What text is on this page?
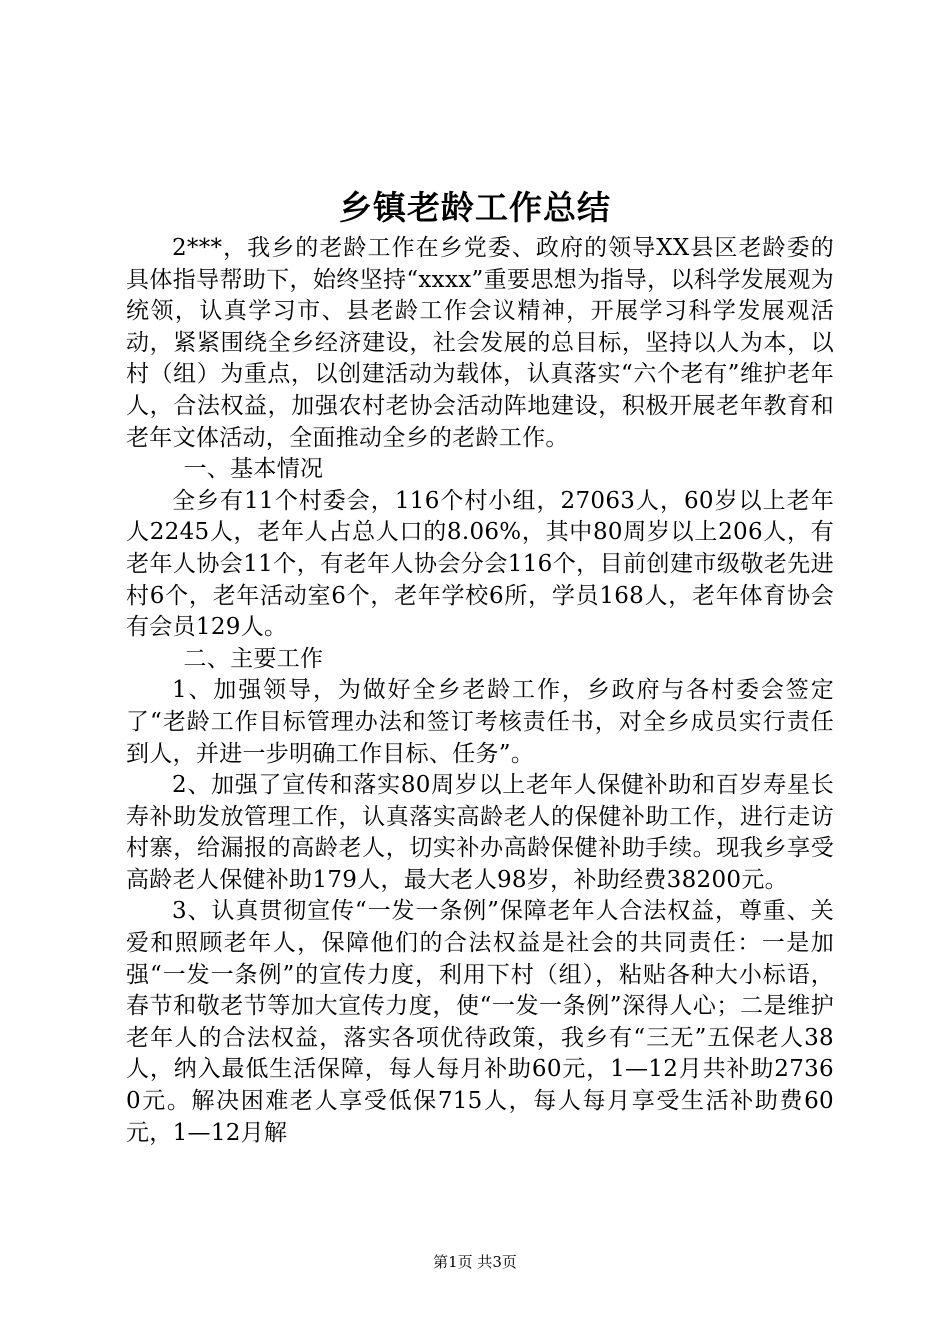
乡镇老龄工作总结

2***，我乡的老龄工作在乡党委、政府的领导XX县区老龄委的具体指导帮助下，始终坚持“xxxx”重要思想为指导，以科学发展观为统领，认真学习市、县老龄工作会议精神，开展学习科学发展观活动，紧紧围绕全乡经济建设，社会发展的总目标，坚持以人为本，以村（组）为重点，以创建活动为载体，认真落实“六个老有”维护老年人，合法权益，加强农村老协会活动阵地建设，积极开展老年教育和老年文体活动，全面推动全乡的老龄工作。

一、基本情况

全乡有11个村委会，116个村小组，27063人，60岁以上老年人2245人，老年人占总人口的8.06%，其中80周岁以上206人，有老年人协会11个，有老年人协会分会116个，目前创建市级敬老先进村6个，老年活动室6个，老年学校6所，学员168人，老年体育协会有会员129人。

二、主要工作

1、加强领导，为做好全乡老龄工作，乡政府与各村委会签定了“老龄工作目标管理办法和签订考核责任书，对全乡成员实行责任到人，并进一步明确工作目标、任务”。

2、加强了宣传和落实80周岁以上老年人保健补助和百岁寿星长寿补助发放管理工作，认真落实高龄老人的保健补助工作，进行走访村寨，给漏报的高龄老人，切实补办高龄保健补助手续。现我乡享受高龄老人保健补助179人，最大老人98岁，补助经费38200元。

3、认真贯彻宣传“一发一条例”保障老年人合法权益，尊重、关爱和照顾老年人，保障他们的合法权益是社会的共同责任：一是加强“一发一条例”的宣传力度，利用下村（组），粘贴各种大小标语，春节和敬老节等加大宣传力度，使“一发一条例”深得人心；二是维护老年人的合法权益，落实各项优待政策，我乡有“三无”五保老人38人，纳入最低生活保障，每人每月补助60元，1—12月共补助27360元。解决困难老人享受低保715人，每人每月享受生活补助费60元，1—12月解

第1页 共3页
